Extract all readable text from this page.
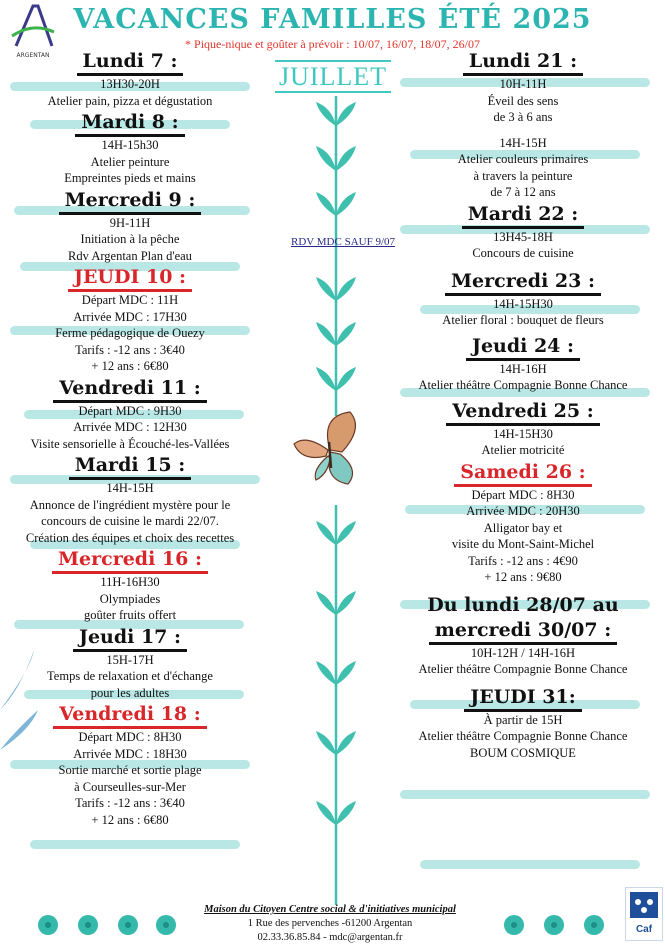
ARGENTAN
VACANCES FAMILLES ÉTÉ 2025
* Pique-nique et goûter à prévoir : 10/07, 16/07, 18/07, 26/07
JUILLET
RDV MDC SAUF 9/07
Lundi 7 :
13H30-20H
Atelier pain, pizza et dégustation
Mardi 8 :
14H-15h30
Atelier peinture
Empreintes pieds et mains
Mercredi 9 :
9H-11H
Initiation à la pêche
Rdv Argentan Plan d'eau
JEUDI 10 :
Départ MDC : 11H
Arrivée MDC : 17H30
Ferme pédagogique de Ouezy
Tarifs : -12 ans : 3€40
+ 12 ans : 6€80
Vendredi 11 :
Départ MDC : 9H30
Arrivée MDC : 12H30
Visite sensorielle à Écouché-les-Vallées
Mardi 15 :
14H-15H
Annonce de l'ingrédient mystère pour le
concours de cuisine le mardi 22/07.
Création des équipes et choix des recettes
Mercredi 16 :
11H-16H30
Olympiades
goûter fruits offert
Jeudi 17 :
15H-17H
Temps de relaxation et d'échange
pour les adultes
Vendredi 18 :
Départ MDC : 8H30
Arrivée MDC : 18H30
Sortie marché et sortie plage
à Courseulles-sur-Mer
Tarifs : -12 ans : 3€40
+ 12 ans : 6€80
Lundi 21 :
10H-11H
Éveil des sens
de 3 à 6 ans
14H-15H
Atelier couleurs primaires
à travers la peinture
de 7 à 12 ans
Mardi 22 :
13H45-18H
Concours de cuisine
Mercredi 23 :
14H-15H30
Atelier floral : bouquet de fleurs
Jeudi 24 :
14H-16H
Atelier théâtre Compagnie Bonne Chance
Vendredi 25 :
14H-15H30
Atelier motricité
Samedi 26 :
Départ MDC : 8H30
Arrivée MDC : 20H30
Alligator bay et
visite du Mont-Saint-Michel
Tarifs : -12 ans : 4€90
+ 12 ans : 9€80
Du lundi 28/07 au
mercredi 30/07 :
10H-12H / 14H-16H
Atelier théâtre Compagnie Bonne Chance
JEUDI 31:
À partir de 15H
Atelier théâtre Compagnie Bonne Chance
BOUM COSMIQUE
Maison du Citoyen Centre social & d'initiatives municipal
1 Rue des pervenches -61200 Argentan
02.33.36.85.84 - mdc@argentan.fr
Caf
